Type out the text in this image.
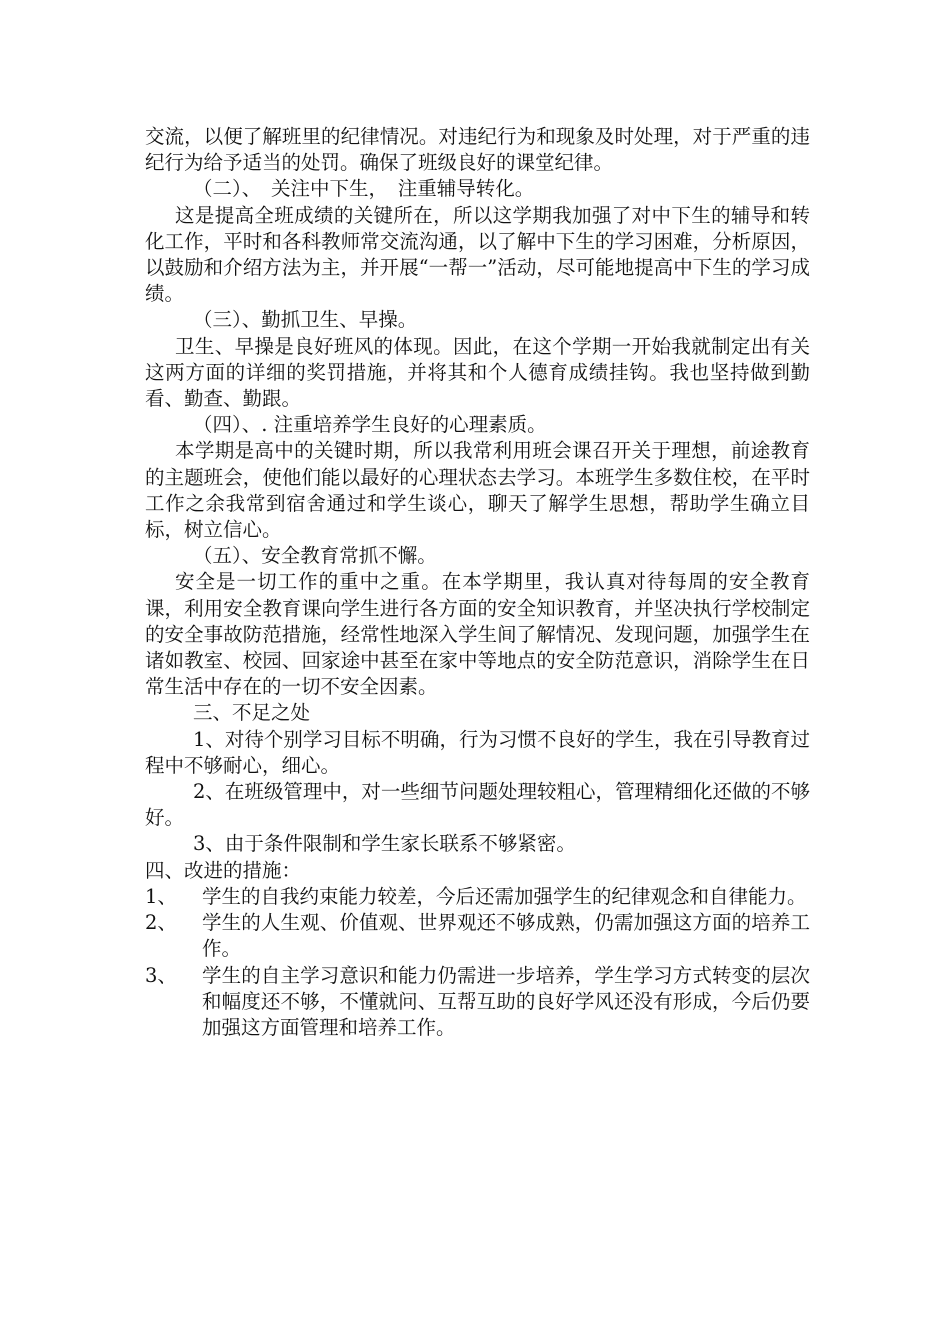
交流，以便了解班里的纪律情况。对违纪行为和现象及时处理，对于严重的违纪行为给予适当的处罚。确保了班级良好的课堂纪律。

（二）、　关注中下生，　注重辅导转化。

这是提高全班成绩的关键所在，所以这学期我加强了对中下生的辅导和转化工作，平时和各科教师常交流沟通，以了解中下生的学习困难，分析原因，以鼓励和介绍方法为主，并开展“一帮一”活动，尽可能地提高中下生的学习成绩。

（三）、勤抓卫生、早操。

卫生、早操是良好班风的体现。因此，在这个学期一开始我就制定出有关这两方面的详细的奖罚措施，并将其和个人德育成绩挂钩。我也坚持做到勤看、勤查、勤跟。

（四）、. 注重培养学生良好的心理素质。

本学期是高中的关键时期，所以我常利用班会课召开关于理想，前途教育的主题班会，使他们能以最好的心理状态去学习。本班学生多数住校，在平时工作之余我常到宿舍通过和学生谈心，聊天了解学生思想，帮助学生确立目标，树立信心。

（五）、安全教育常抓不懈。

安全是一切工作的重中之重。在本学期里，我认真对待每周的安全教育课，利用安全教育课向学生进行各方面的安全知识教育，并坚决执行学校制定的安全事故防范措施，经常性地深入学生间了解情况、发现问题，加强学生在诸如教室、校园、回家途中甚至在家中等地点的安全防范意识，消除学生在日常生活中存在的一切不安全因素。

三、不足之处

1、对待个别学习目标不明确，行为习惯不良好的学生，我在引导教育过程中不够耐心，细心。

2、在班级管理中，对一些细节问题处理较粗心，管理精细化还做的不够好。

3、由于条件限制和学生家长联系不够紧密。

四、改进的措施：

1、	学生的自我约束能力较差，今后还需加强学生的纪律观念和自律能力。
2、	学生的人生观、价值观、世界观还不够成熟，仍需加强这方面的培养工作。
3、	学生的自主学习意识和能力仍需进一步培养，学生学习方式转变的层次和幅度还不够，不懂就问、互帮互助的良好学风还没有形成，今后仍要加强这方面管理和培养工作。
